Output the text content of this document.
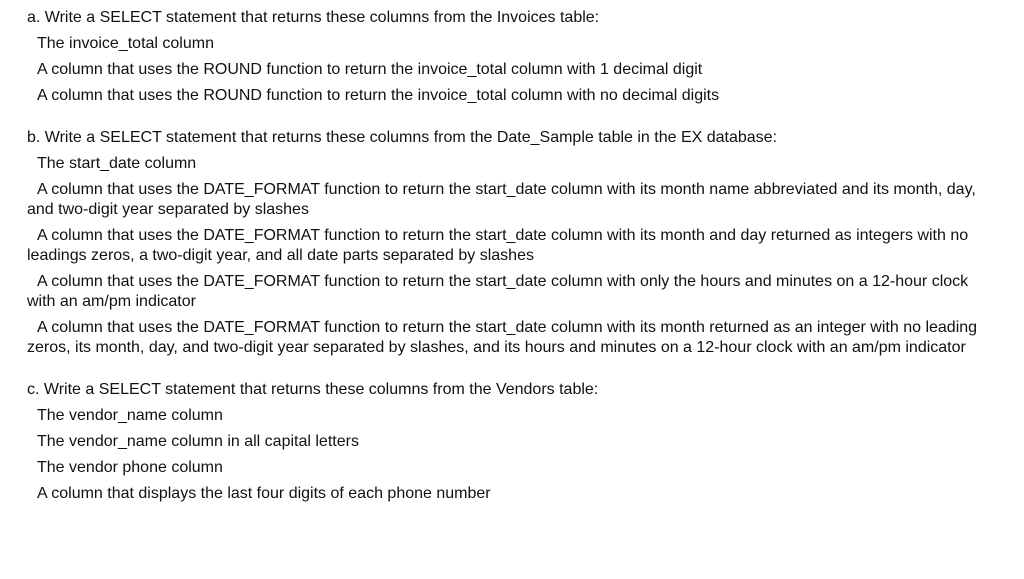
a. Write a SELECT statement that returns these columns from the Invoices table:
The invoice_total column
A column that uses the ROUND function to return the invoice_total column with 1 decimal digit
A column that uses the ROUND function to return the invoice_total column with no decimal digits
b. Write a SELECT statement that returns these columns from the Date_Sample table in the EX database:
The start_date column
A column that uses the DATE_FORMAT function to return the start_date column with its month name abbreviated and its month, day, and two-digit year separated by slashes
A column that uses the DATE_FORMAT function to return the start_date column with its month and day returned as integers with no leadings zeros, a two-digit year, and all date parts separated by slashes
A column that uses the DATE_FORMAT function to return the start_date column with only the hours and minutes on a 12-hour clock with an am/pm indicator
A column that uses the DATE_FORMAT function to return the start_date column with its month returned as an integer with no leading zeros, its month, day, and two-digit year separated by slashes, and its hours and minutes on a 12-hour clock with an am/pm indicator
c. Write a SELECT statement that returns these columns from the Vendors table:
The vendor_name column
The vendor_name column in all capital letters
The vendor phone column
A column that displays the last four digits of each phone number
